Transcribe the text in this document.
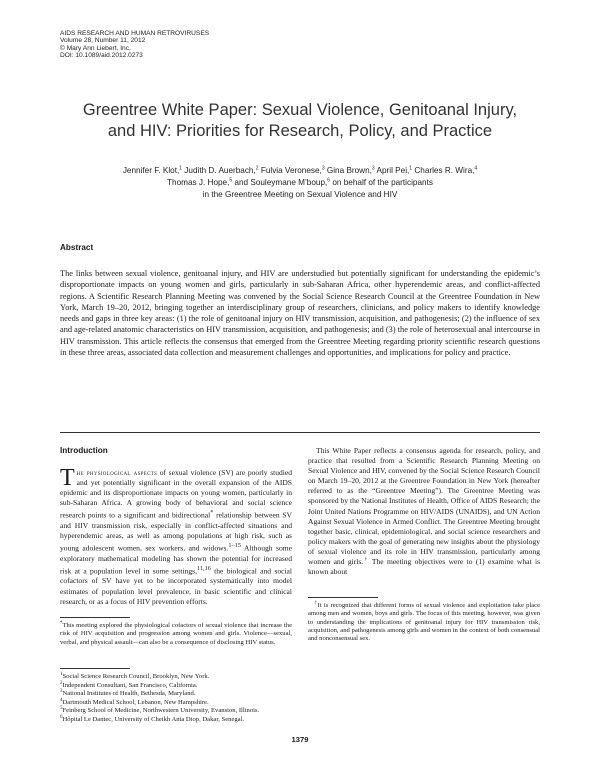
AIDS RESEARCH AND HUMAN RETROVIRUSES
Volume 28, Number 11, 2012
© Mary Ann Liebert, Inc.
DOI: 10.1089/aid.2012.0273
Greentree White Paper: Sexual Violence, Genitoanal Injury,
and HIV: Priorities for Research, Policy, and Practice
Jennifer F. Klot,$^1$ Judith D. Auerbach,$^2$ Fulvia Veronese,$^3$ Gina Brown,$^3$ April Pei,$^1$ Charles R. Wira,$^4$
Thomas J. Hope,$^5$ and Souleymane M’boup,$^6$ on behalf of the participants
in the Greentree Meeting on Sexual Violence and HIV
Abstract

The links between sexual violence, genitoanal injury, and HIV are understudied but potentially significant for understanding the epidemic’s disproportionate impacts on young women and girls, particularly in sub-Saharan Africa, other hyperendemic areas, and conflict-affected regions. A Scientific Research Planning Meeting was convened by the Social Science Research Council at the Greentree Foundation in New York, March 19–20, 2012, bringing together an interdisciplinary group of researchers, clinicians, and policy makers to identify knowledge needs and gaps in three key areas: (1) the role of genitoanal injury on HIV transmission, acquisition, and pathogenesis; (2) the influence of sex and age-related anatomic characteristics on HIV transmission, acquisition, and pathogenesis; and (3) the role of heterosexual anal intercourse in HIV transmission. This article reflects the consensus that emerged from the Greentree Meeting regarding priority scientific research questions in these three areas, associated data collection and measurement challenges and opportunities, and implications for policy and practice.

Introduction

The physiological aspects of sexual violence (SV) are poorly studied and yet potentially significant in the overall expansion of the AIDS epidemic and its disproportionate impacts on young women, particularly in sub-Saharan Africa. A growing body of behavioral and social science research points to a significant and bidirectional* relationship between SV and HIV transmission risk, especially in conflict-affected situations and hyperendemic areas, as well as among populations at high risk, such as young adolescent women, sex workers, and widows.$^{1-15}$ Although some exploratory mathematical modeling has shown the potential for increased risk at a population level in some settings,$^{11,16}$ the biological and social cofactors of SV have yet to be incorporated systematically into model estimates of population level prevalence, in basic scientific and clinical research, or as a focus of HIV prevention efforts.

This White Paper reflects a consensus agenda for research, policy, and practice that resulted from a Scientific Research Planning Meeting on Sexual Violence and HIV, convened by the Social Science Research Council on March 19–20, 2012 at the Greentree Foundation in New York (hereafter referred to as the “Greentree Meeting”). The Greentree Meeting was sponsored by the National Institutes of Health, Office of AIDS Research; the Joint United Nations Programme on HIV/AIDS (UNAIDS), and UN Action Against Sexual Violence in Armed Conflict. The Greentree Meeting brought together basic, clinical, epidemiological, and social science researchers and policy makers with the goal of generating new insights about the physiology of sexual violence and its role in HIV transmission, particularly among women and girls.† The meeting objectives were to (1) examine what is known about

*This meeting explored the physiological cofactors of sexual violence that increase the risk of HIV acquisition and progression among women and girls. Violence—sexual, verbal, and physical assault—can also be a consequence of disclosing HIV status.

†It is recognized that different forms of sexual violence and exploitation take place among men and women, boys and girls. The focus of this meeting, however, was given to understanding the implications of genitoanal injury for HIV transmission risk, acquisition, and pathogenesis among girls and women in the context of both consensual and nonconsensual sex.

$^1$Social Science Research Council, Brooklyn, New York.
$^2$Independent Consultant, San Francisco, California.
$^3$National Institutes of Health, Bethesda, Maryland.
$^4$Dartmouth Medical School, Lebanon, New Hampshire.
$^5$Feinberg School of Medicine, Northwestern University, Evanston, Illinois.
$^6$Hôpital Le Dantec, University of Cheikh Anta Diop, Dakar, Senegal.
1379
